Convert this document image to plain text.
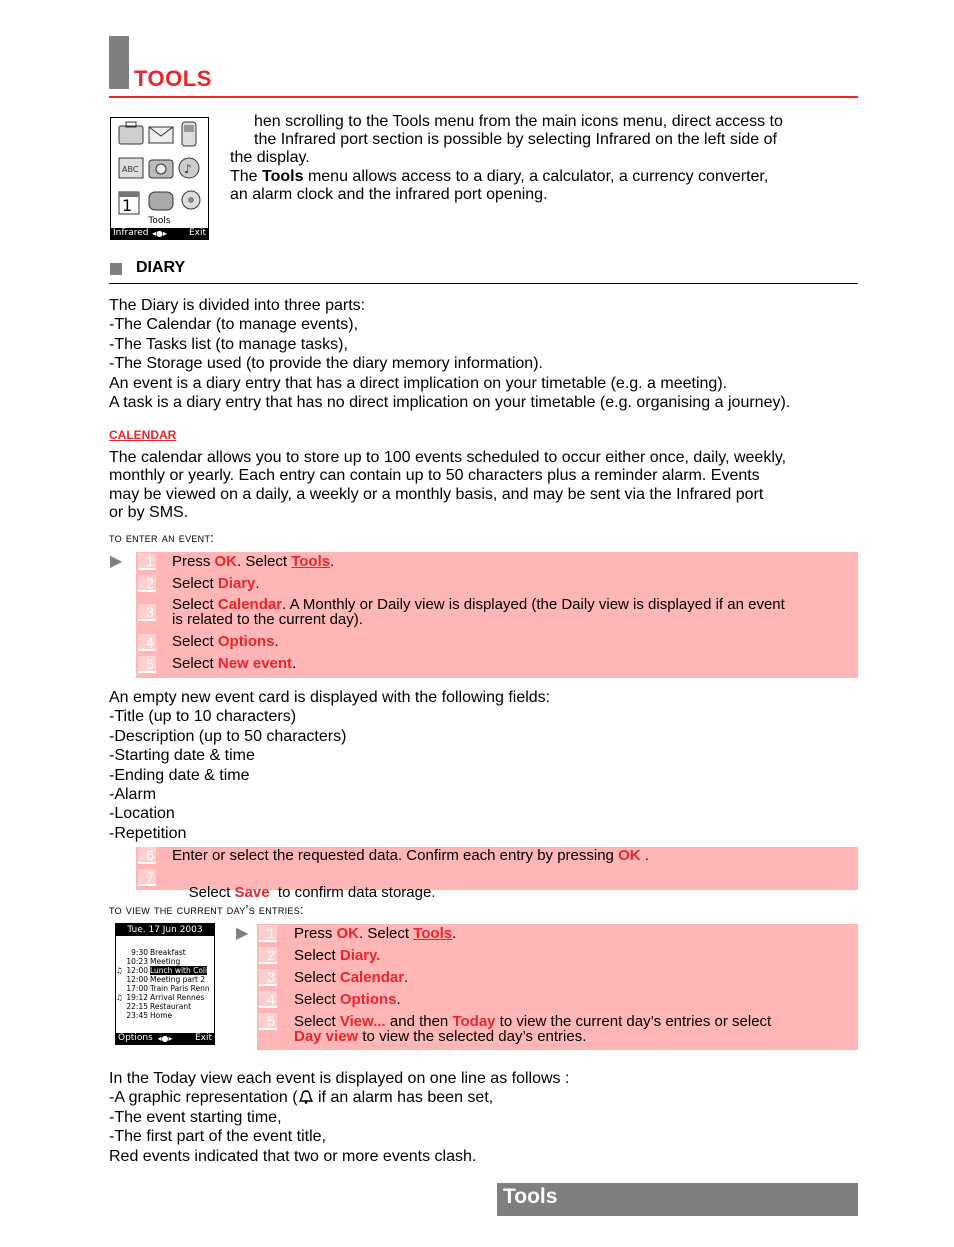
TOOLS
ABC	♪
1
Tools
Infrared ◂●▸ Exit
hen scrolling to the Tools menu from the main icons menu, direct access to
the Infrared port section is possible by selecting Infrared on the left side of
the display.
The Tools menu allows access to a diary, a calculator, a currency converter,
an alarm clock and the infrared port opening.
DIARY
The Diary is divided into three parts:
-The Calendar (to manage events),
-The Tasks list (to manage tasks),
-The Storage used (to provide the diary memory information).
An event is a diary entry that has a direct implication on your timetable (e.g. a meeting).
A task is a diary entry that has no direct implication on your timetable (e.g. organising a journey).
CALENDAR
The calendar allows you to store up to 100 events scheduled to occur either once, daily, weekly,
monthly or yearly. Each entry can contain up to 50 characters plus a reminder alarm. Events
may be viewed on a daily, a weekly or a monthly basis, and may be sent via the Infrared port
or by SMS.
to enter an event:
▶	1 Press OK. Select Tools.
2 Select Diary.
3 Select Calendar. A Monthly or Daily view is displayed (the Daily view is displayed if an event
is related to the current day).
4 Select Options.
5 Select New event.
An empty new event card is displayed with the following fields:
-Title (up to 10 characters)
-Description (up to 50 characters)
-Starting date & time
-Ending date & time
-Alarm
-Location
-Repetition
6 Enter or select the requested data. Confirm each entry by pressing OK .
7

Select Save  to confirm data storage.

to view the current day’s entries:
Tue. 17 Jun 2003
9:30 Breakfast
10:23 Meeting
♫ 12:00 Lunch with Coli
12:00 Meeting part 2
17:00 Train Paris Renn
♫ 19:12 Arrival Rennes
22:15 Restaurant
23:45 Home
Options ◂●▸ Exit
▶	1 Press OK. Select Tools.
2 Select Diary.
3 Select Calendar.
4 Select Options.
5 Select View... and then Today to view the current day’s entries or select
Day view to view the selected day’s entries.
In the Today view each event is displayed on one line as follows :
-A graphic representation ( if an alarm has been set,
-The event starting time,
-The first part of the event title,
Red events indicated that two or more events clash.
Tools
